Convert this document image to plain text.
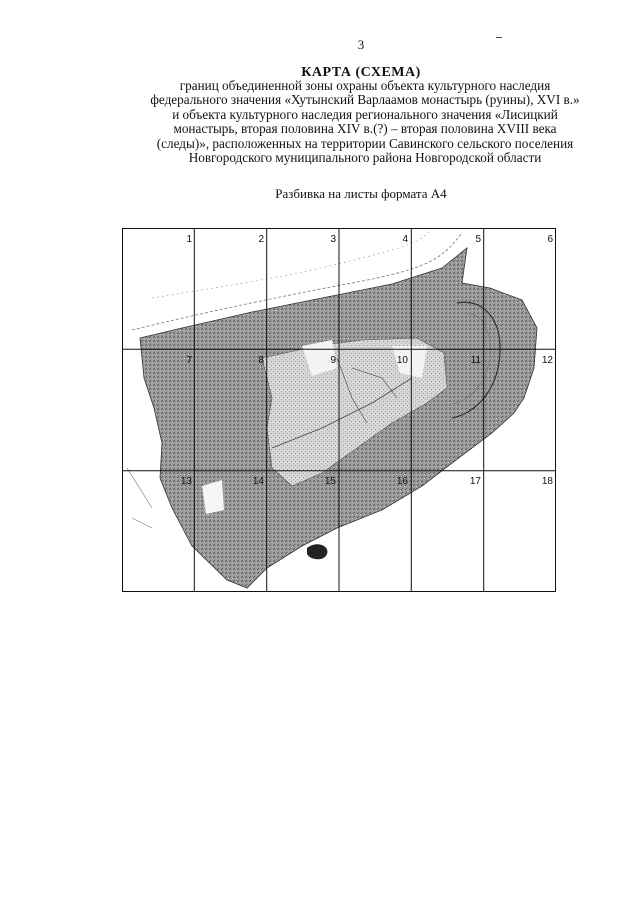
3
КАРТА (СХЕМА)

границ объединенной зоны охраны объекта культурного наследия
федерального значения «Хутынский Варлаамов монастырь (руины), XVI в.»
и объекта культурного наследия регионального значения «Лисицкий
монастырь, вторая половина XIV в.(?) – вторая половина XVIII века
(следы)», расположенных на территории Савинского сельского поселения
Новгородского муниципального района Новгородской области

Разбивка на листы формата А4
1	2	3	4	5	6
7	8	9	10	11	12
13	14	15	16	17	18
